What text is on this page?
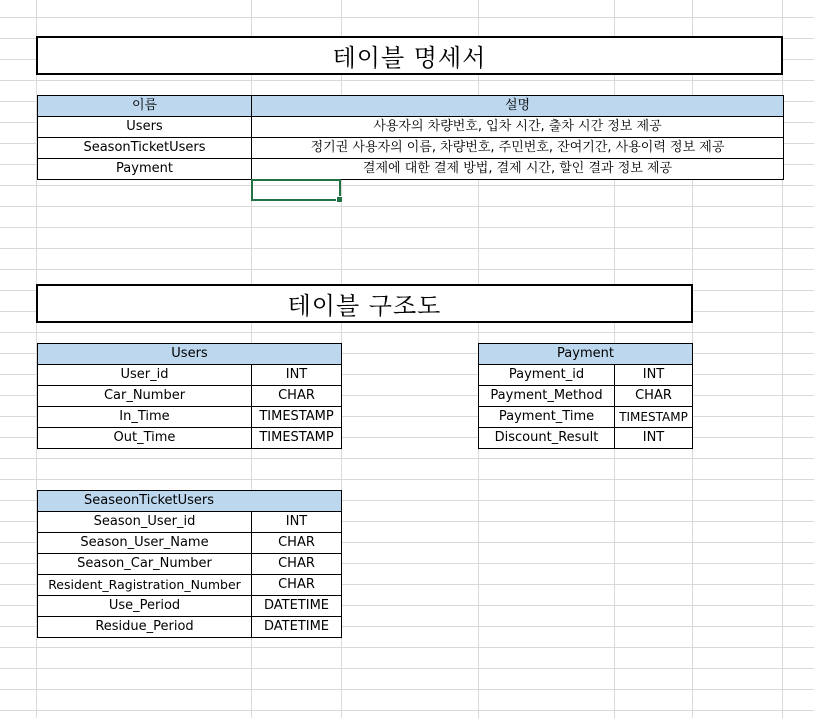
테이블 명세서
이름	설명
Users	사용자의 차량번호, 입차 시간, 출차 시간 정보 제공
SeasonTicketUsers	정기권 사용자의 이름, 차량번호, 주민번호, 잔여기간, 사용이력 정보 제공
Payment	결제에 대한 결제 방법, 결제 시간, 할인 결과 정보 제공
테이블 구조도
Users	
User_id	INT
Car_Number	CHAR
In_Time	TIMESTAMP
Out_Time	TIMESTAMP
Payment	
Payment_id	INT
Payment_Method	CHAR
Payment_Time	TIMESTAMP
Discount_Result	INT
SeaseonTicketUsers	
Season_User_id	INT
Season_User_Name	CHAR
Season_Car_Number	CHAR
Resident_Ragistration_Number	CHAR
Use_Period	DATETIME
Residue_Period	DATETIME
